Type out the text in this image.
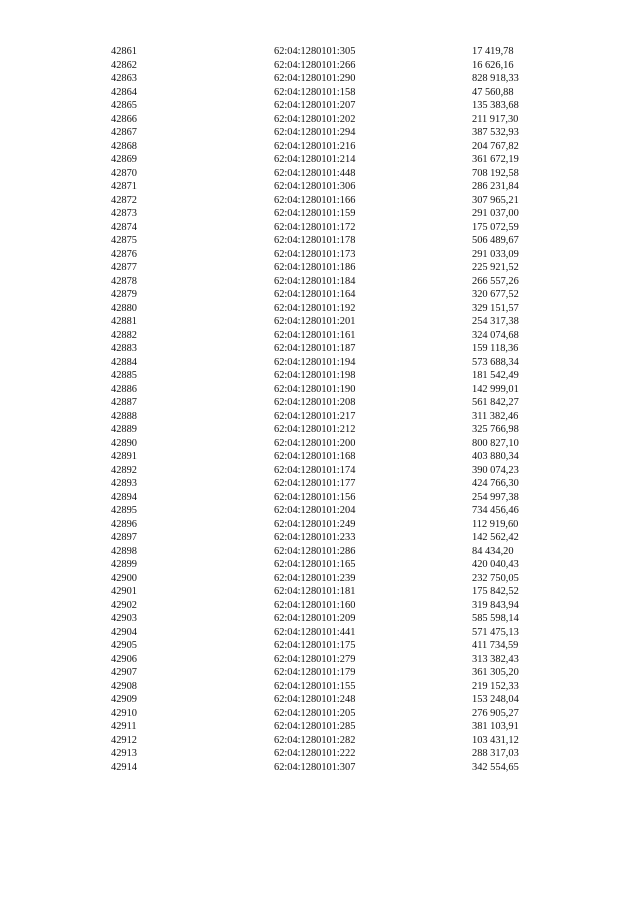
42861	62:04:1280101:305	17 419,78
42862	62:04:1280101:266	16 626,16
42863	62:04:1280101:290	828 918,33
42864	62:04:1280101:158	47 560,88
42865	62:04:1280101:207	135 383,68
42866	62:04:1280101:202	211 917,30
42867	62:04:1280101:294	387 532,93
42868	62:04:1280101:216	204 767,82
42869	62:04:1280101:214	361 672,19
42870	62:04:1280101:448	708 192,58
42871	62:04:1280101:306	286 231,84
42872	62:04:1280101:166	307 965,21
42873	62:04:1280101:159	291 037,00
42874	62:04:1280101:172	175 072,59
42875	62:04:1280101:178	506 489,67
42876	62:04:1280101:173	291 033,09
42877	62:04:1280101:186	225 921,52
42878	62:04:1280101:184	266 557,26
42879	62:04:1280101:164	320 677,52
42880	62:04:1280101:192	329 151,57
42881	62:04:1280101:201	254 317,38
42882	62:04:1280101:161	324 074,68
42883	62:04:1280101:187	159 118,36
42884	62:04:1280101:194	573 688,34
42885	62:04:1280101:198	181 542,49
42886	62:04:1280101:190	142 999,01
42887	62:04:1280101:208	561 842,27
42888	62:04:1280101:217	311 382,46
42889	62:04:1280101:212	325 766,98
42890	62:04:1280101:200	800 827,10
42891	62:04:1280101:168	403 880,34
42892	62:04:1280101:174	390 074,23
42893	62:04:1280101:177	424 766,30
42894	62:04:1280101:156	254 997,38
42895	62:04:1280101:204	734 456,46
42896	62:04:1280101:249	112 919,60
42897	62:04:1280101:233	142 562,42
42898	62:04:1280101:286	84 434,20
42899	62:04:1280101:165	420 040,43
42900	62:04:1280101:239	232 750,05
42901	62:04:1280101:181	175 842,52
42902	62:04:1280101:160	319 843,94
42903	62:04:1280101:209	585 598,14
42904	62:04:1280101:441	571 475,13
42905	62:04:1280101:175	411 734,59
42906	62:04:1280101:279	313 382,43
42907	62:04:1280101:179	361 305,20
42908	62:04:1280101:155	219 152,33
42909	62:04:1280101:248	153 248,04
42910	62:04:1280101:205	276 905,27
42911	62:04:1280101:285	381 103,91
42912	62:04:1280101:282	103 431,12
42913	62:04:1280101:222	288 317,03
42914	62:04:1280101:307	342 554,65
